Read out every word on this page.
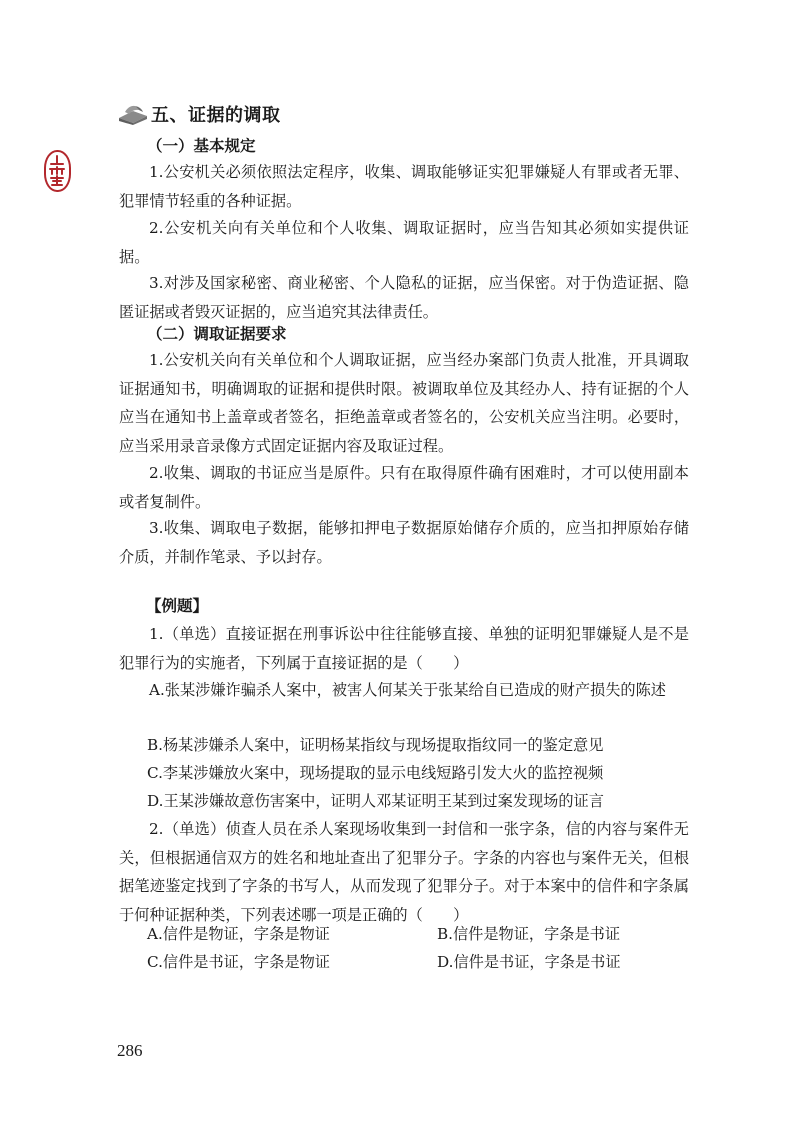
五、证据的调取
（一）基本规定

1.公安机关必须依照法定程序，收集、调取能够证实犯罪嫌疑人有罪或者无罪、犯罪情节轻重的各种证据。

2.公安机关向有关单位和个人收集、调取证据时，应当告知其必须如实提供证据。

3.对涉及国家秘密、商业秘密、个人隐私的证据，应当保密。对于伪造证据、隐匿证据或者毁灭证据的，应当追究其法律责任。

（二）调取证据要求

1.公安机关向有关单位和个人调取证据，应当经办案部门负责人批准，开具调取证据通知书，明确调取的证据和提供时限。被调取单位及其经办人、持有证据的个人应当在通知书上盖章或者签名，拒绝盖章或者签名的，公安机关应当注明。必要时，应当采用录音录像方式固定证据内容及取证过程。

2.收集、调取的书证应当是原件。只有在取得原件确有困难时，才可以使用副本或者复制件。

3.收集、调取电子数据，能够扣押电子数据原始储存介质的，应当扣押原始存储介质，并制作笔录、予以封存。

【例题】

1.（单选）直接证据在刑事诉讼中往往能够直接、单独的证明犯罪嫌疑人是不是犯罪行为的实施者，下列属于直接证据的是（　　）

A.张某涉嫌诈骗杀人案中，被害人何某关于张某给自已造成的财产损失的陈述

B.杨某涉嫌杀人案中，证明杨某指纹与现场提取指纹同一的鉴定意见
C.李某涉嫌放火案中，现场提取的显示电线短路引发大火的监控视频
D.王某涉嫌故意伤害案中，证明人邓某证明王某到过案发现场的证言

2.（单选）侦查人员在杀人案现场收集到一封信和一张字条，信的内容与案件无关，但根据通信双方的姓名和地址查出了犯罪分子。字条的内容也与案件无关，但根据笔迹鉴定找到了字条的书写人，从而发现了犯罪分子。对于本案中的信件和字条属于何种证据种类，下列表述哪一项是正确的（　　）

A.信件是物证，字条是物证	B.信件是物证，字条是书证
C.信件是书证，字条是物证	D.信件是书证，字条是书证
286
